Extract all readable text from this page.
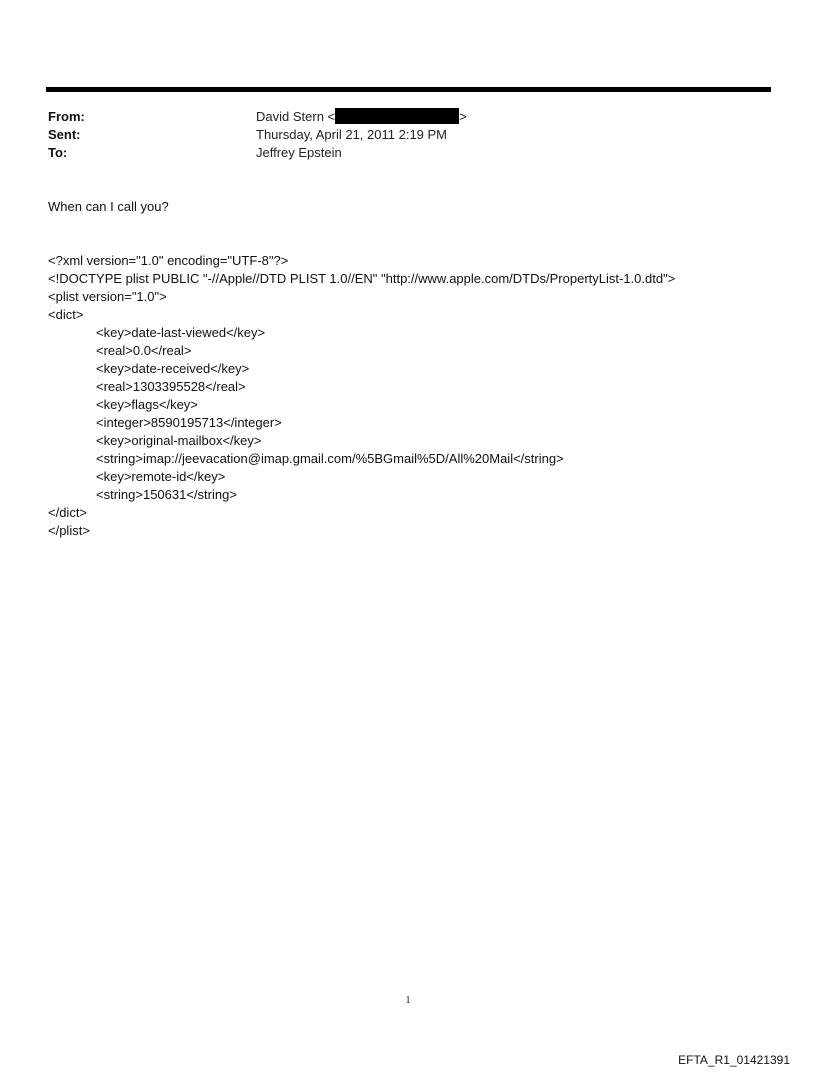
From:	David Stern <	>
Sent:	Thursday, April 21, 2011 2:19 PM
To:	Jeffrey Epstein
When can I call you?
<?xml version="1.0" encoding="UTF-8"?>
<!DOCTYPE plist PUBLIC "-//Apple//DTD PLIST 1.0//EN" "http://www.apple.com/DTDs/PropertyList-1.0.dtd">
<plist version="1.0">
<dict>
<key>date-last-viewed</key>
<real>0.0</real>
<key>date-received</key>
<real>1303395528</real>
<key>flags</key>
<integer>8590195713</integer>
<key>original-mailbox</key>
<string>imap://jeevacation@imap.gmail.com/%5BGmail%5D/All%20Mail</string>
<key>remote-id</key>
<string>150631</string>
</dict>
</plist>
1
EFTA_R1_01421391
